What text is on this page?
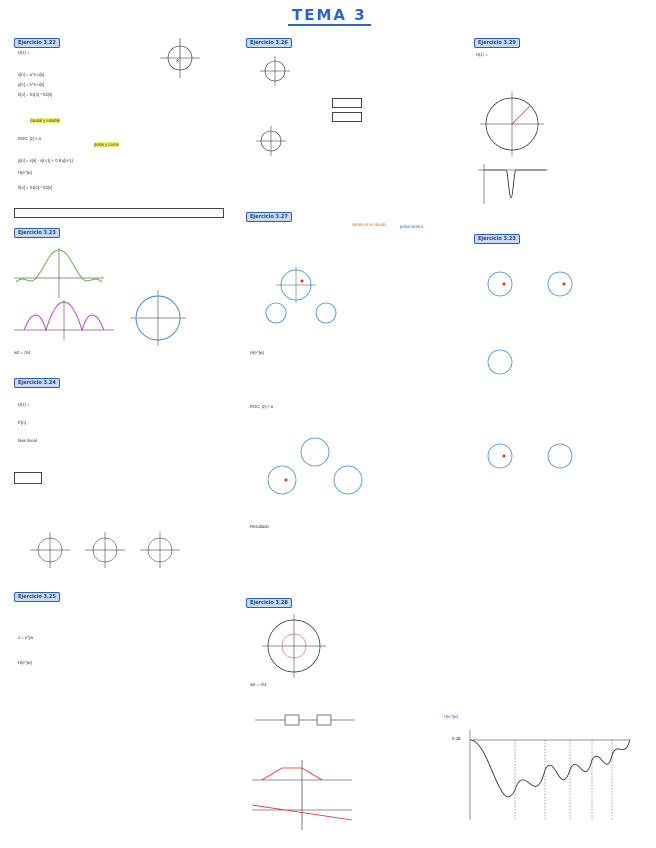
TEMA 3
Ejercicio 3.22
H(z) =
x
x[n] = a^n u[n]
y[n] = b^n u[n]
h[n] = h1[n] * h2[n]
causal y estable
ROC: |z| > a
polos y ceros
y[n] = x[n] - x[n-1] + 0,9 y[n-1]
H(e^jw)
h[n] = h1[n] * h2[n]
Ejercicio 3.23
w0 = π/4
Ejercicio 3.24
H(z) =
h'[n]
fase lineal
Ejercicio 3.25
z = e^jw
H(e^jw)
Ejercicio 3.26
Ejercicio 3.27
ceros en el circulo	polos dentro
H(e^jw)
ROC: |z| > a
Resultado
Ejercicio 3.28
w0 = π/4
Ejercicio 3.29
H(z) =
Ejercicio 3.23
H(e^jw)
0 dB
